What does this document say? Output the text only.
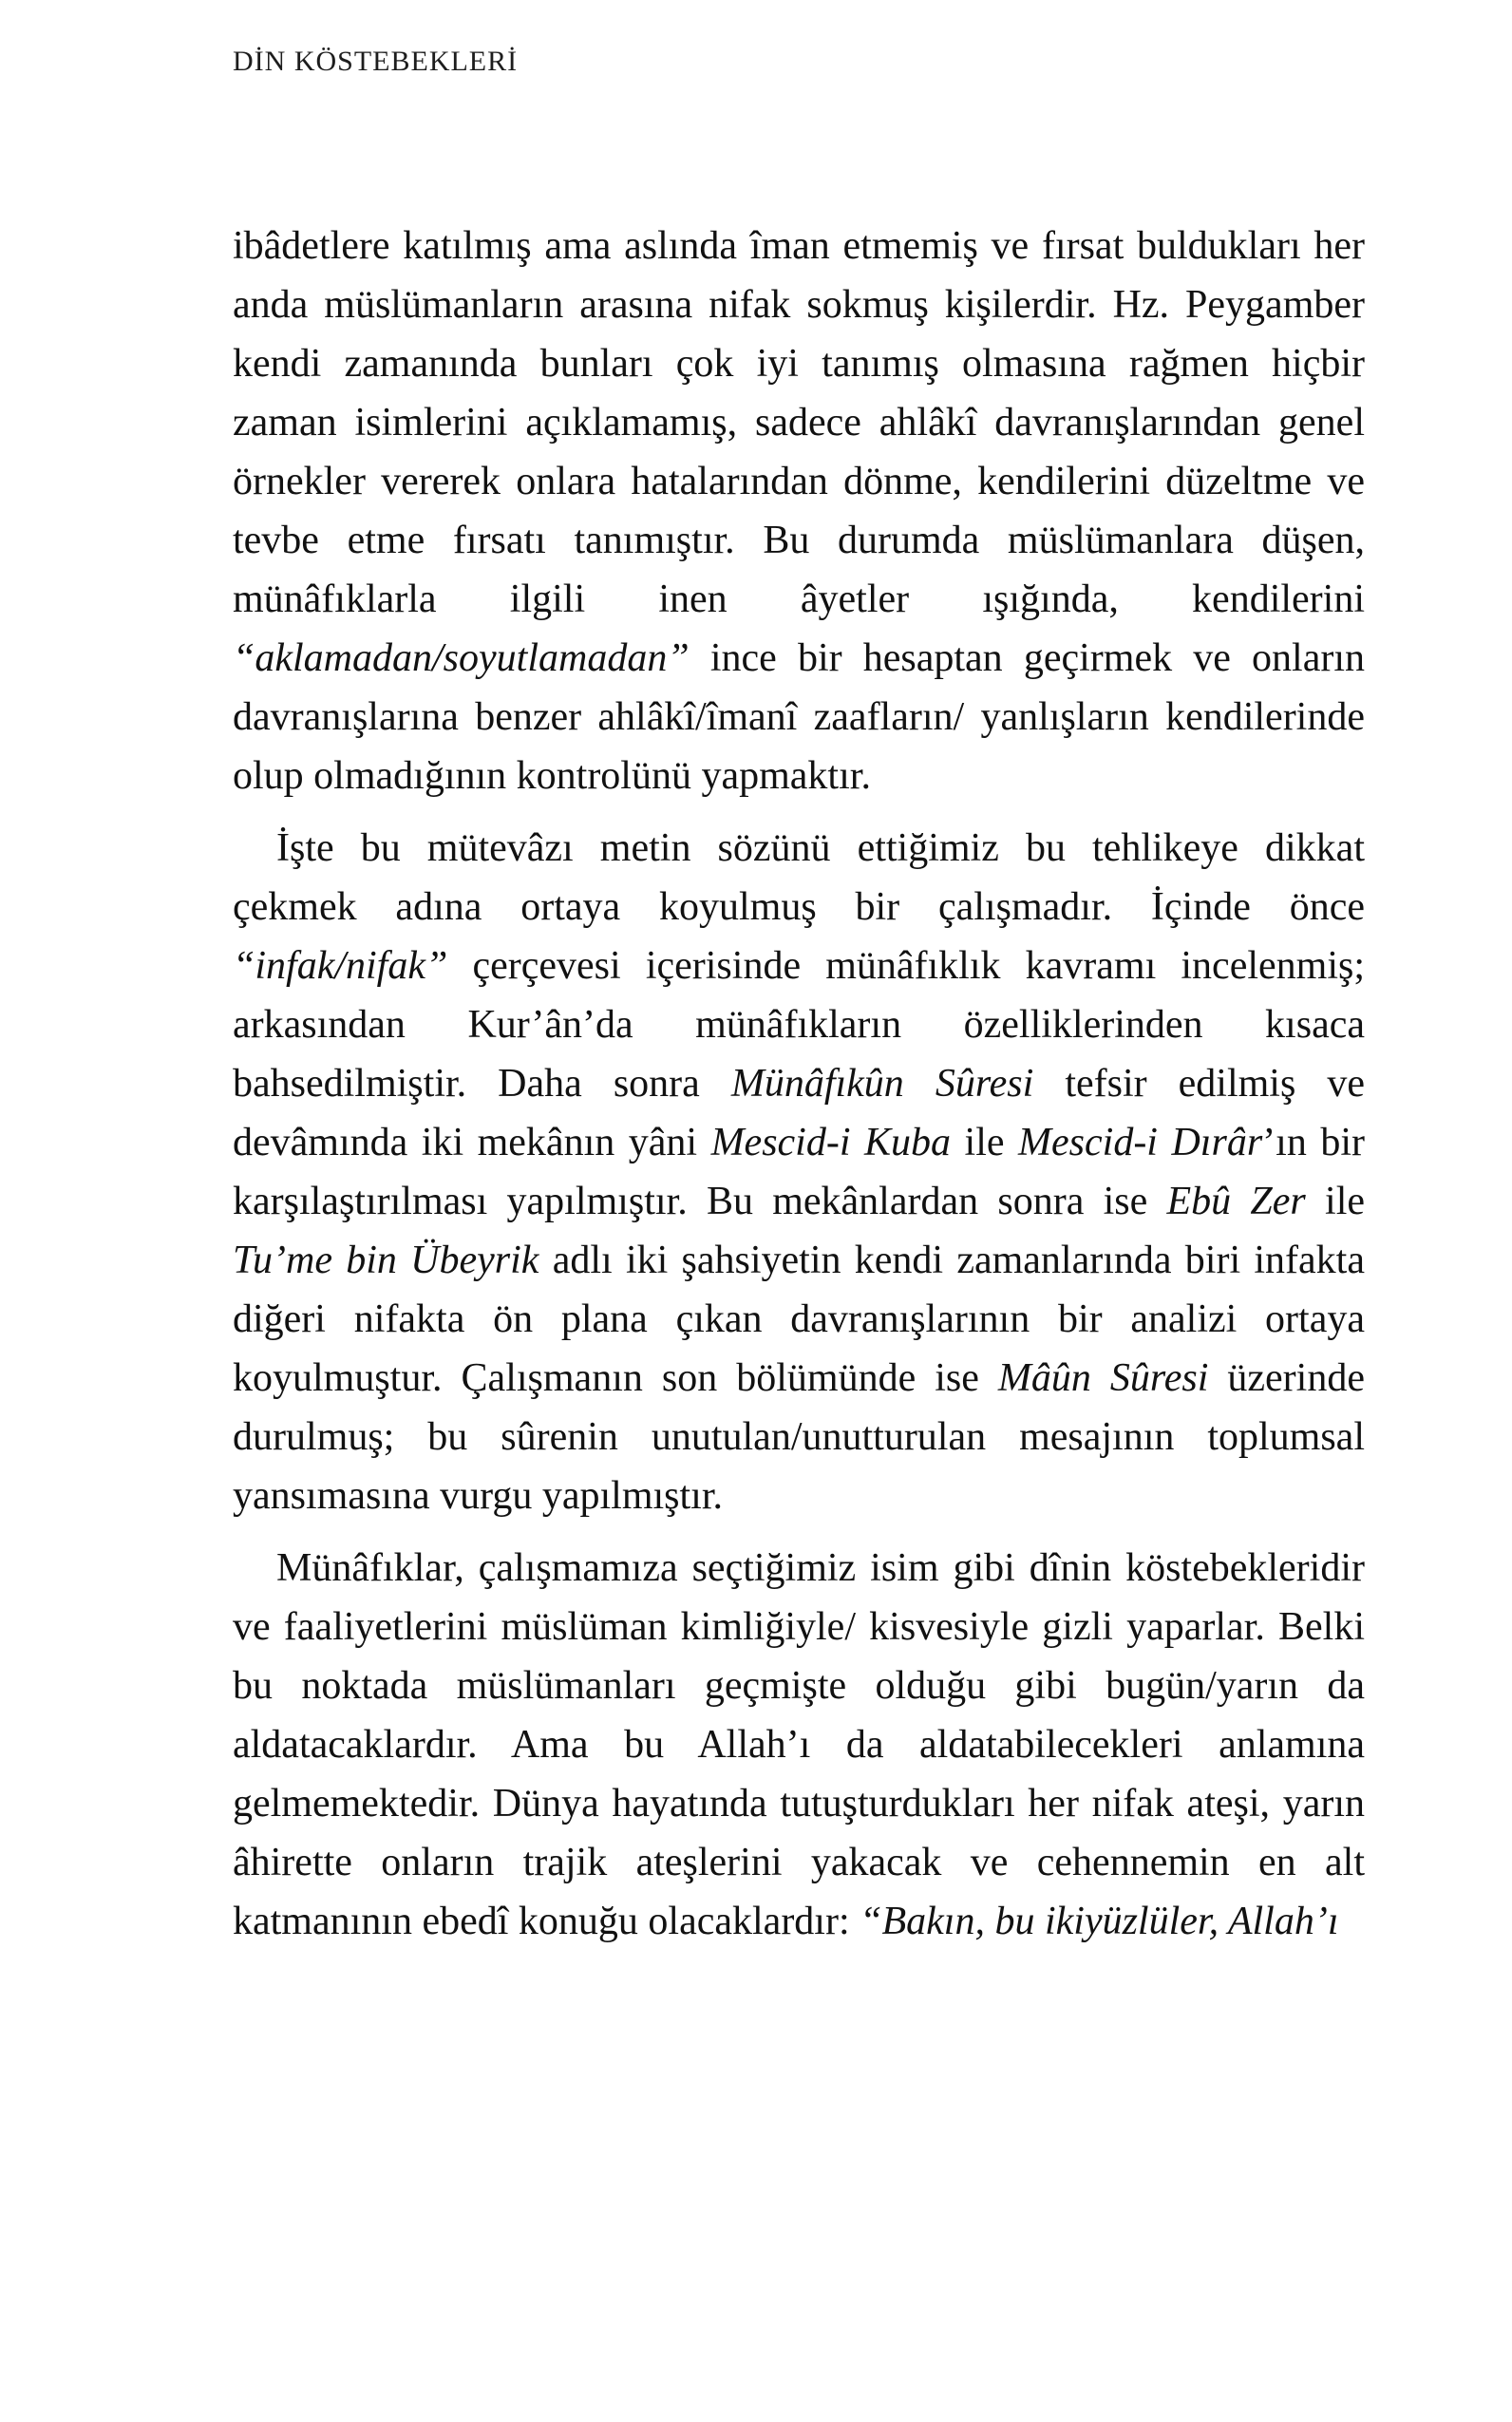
DİN KÖSTEBEKLERİ

ibâdetlere katılmış ama aslında îman etmemiş ve fırsat buldukları her anda müslümanların arasına nifak sokmuş kişilerdir. Hz. Peygamber kendi zamanında bunları çok iyi tanımış olmasına rağmen hiçbir zaman isimlerini açıklamamış, sadece ahlâkî davranışlarından genel örnekler vererek onlara hatalarından dönme, kendilerini düzeltme ve tevbe etme fırsatı tanımıştır. Bu durumda müslümanlara düşen, münâfıklarla ilgili inen âyetler ışığında, kendilerini “aklamadan/soyutlamadan” ince bir hesaptan geçirmek ve onların davranışlarına benzer ahlâkî/îmanî zaafların/ yanlışların kendilerinde olup olmadığının kontrolünü yapmaktır.

İşte bu mütevâzı metin sözünü ettiğimiz bu tehlikeye dikkat çekmek adına ortaya koyulmuş bir çalışmadır. İçinde önce “infak/nifak” çerçevesi içerisinde münâfıklık kavramı incelenmiş; arkasından Kur’ân’da münâfıkların özelliklerinden kısaca bahsedilmiştir. Daha sonra Münâfıkûn Sûresi tefsir edilmiş ve devâmında iki mekânın yâni Mescid-i Kuba ile Mescid-i Dırâr’ın bir karşılaştırılması yapılmıştır. Bu mekânlardan sonra ise Ebû Zer ile Tu’me bin Übeyrik adlı iki şahsiyetin kendi zamanlarında biri infakta diğeri nifakta ön plana çıkan davranışlarının bir analizi ortaya koyulmuştur. Çalışmanın son bölümünde ise Mâûn Sûresi üzerinde durulmuş; bu sûrenin unutulan/unutturulan mesajının toplumsal yansımasına vurgu yapılmıştır.

Münâfıklar, çalışmamıza seçtiğimiz isim gibi dînin köstebekleridir ve faaliyetlerini müslüman kimliğiyle/ kisvesiyle gizli yaparlar. Belki bu noktada müslümanları geçmişte olduğu gibi bugün/yarın da aldatacaklardır. Ama bu Allah’ı da aldatabilecekleri anlamına gelmemektedir. Dünya hayatında tutuşturdukları her nifak ateşi, yarın âhirette onların trajik ateşlerini yakacak ve cehennemin en alt katmanının ebedî konuğu olacaklardır: “Bakın, bu ikiyüzlüler, Allah’ı
